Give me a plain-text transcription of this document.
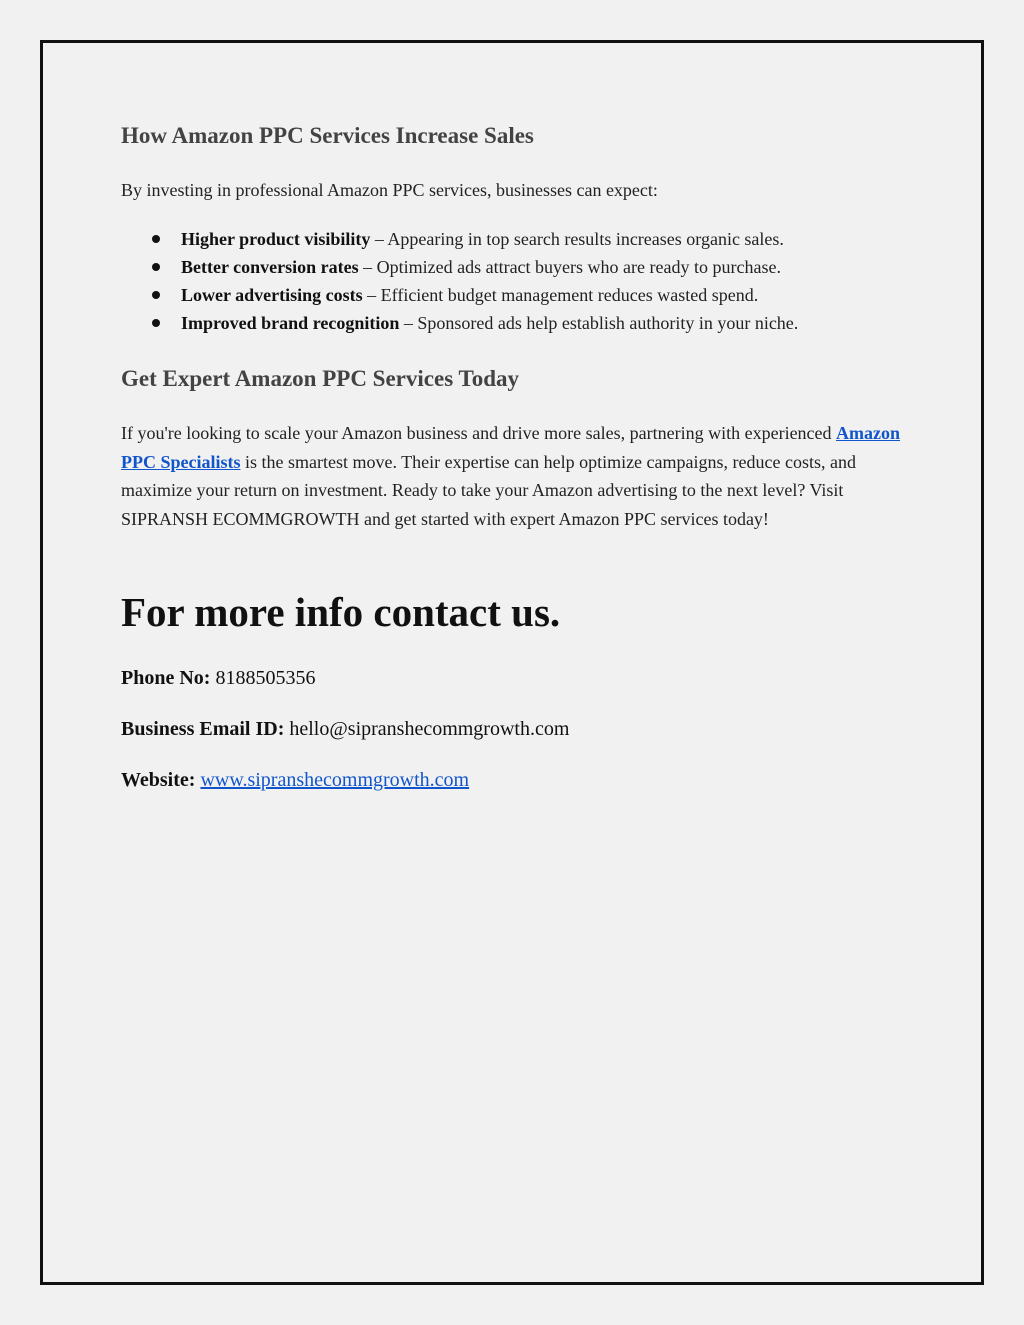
How Amazon PPC Services Increase Sales

By investing in professional Amazon PPC services, businesses can expect:

Higher product visibility – Appearing in top search results increases organic sales.
Better conversion rates – Optimized ads attract buyers who are ready to purchase.
Lower advertising costs – Efficient budget management reduces wasted spend.
Improved brand recognition – Sponsored ads help establish authority in your niche.
Get Expert Amazon PPC Services Today

If you're looking to scale your Amazon business and drive more sales, partnering with experienced Amazon PPC Specialists is the smartest move. Their expertise can help optimize campaigns, reduce costs, and maximize your return on investment. Ready to take your Amazon advertising to the next level? Visit SIPRANSH ECOMMGROWTH and get started with expert Amazon PPC services today!

For more info contact us.

Phone No: 8188505356

Business Email ID: hello@sipranshecommgrowth.com

Website: www.sipranshecommgrowth.com
